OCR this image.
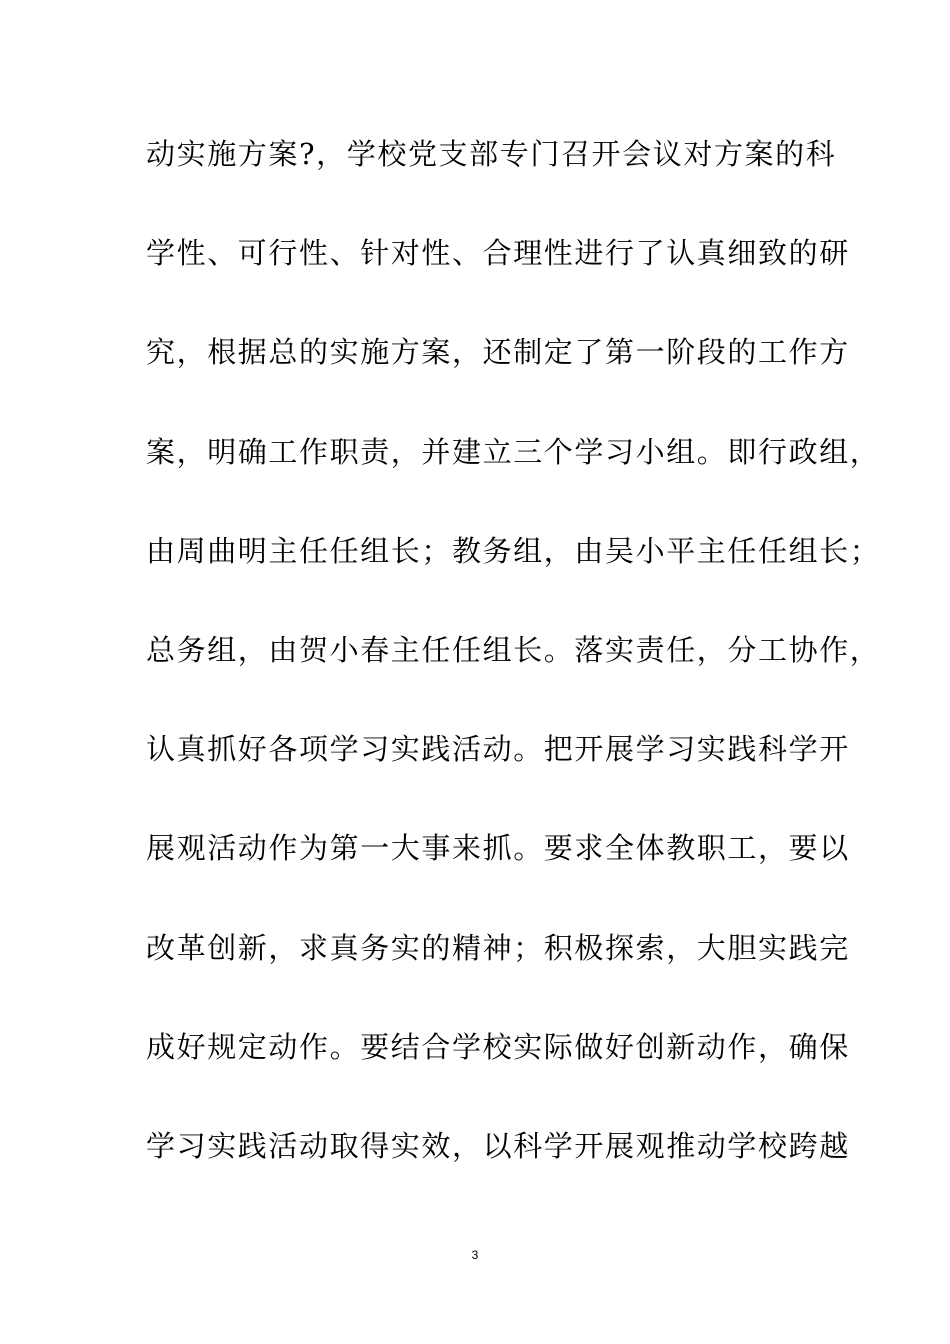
动实施方案?，学校党支部专门召开会议对方案的科
学性、可行性、针对性、合理性进行了认真细致的研
究，根据总的实施方案，还制定了第一阶段的工作方
案，明确工作职责，并建立三个学习小组。即行政组，
由周曲明主任任组长；教务组，由吴小平主任任组长；
总务组，由贺小春主任任组长。落实责任，分工协作，
认真抓好各项学习实践活动。把开展学习实践科学开
展观活动作为第一大事来抓。要求全体教职工，要以
改革创新，求真务实的精神；积极探索，大胆实践完
成好规定动作。要结合学校实际做好创新动作，确保
学习实践活动取得实效，以科学开展观推动学校跨越
3
